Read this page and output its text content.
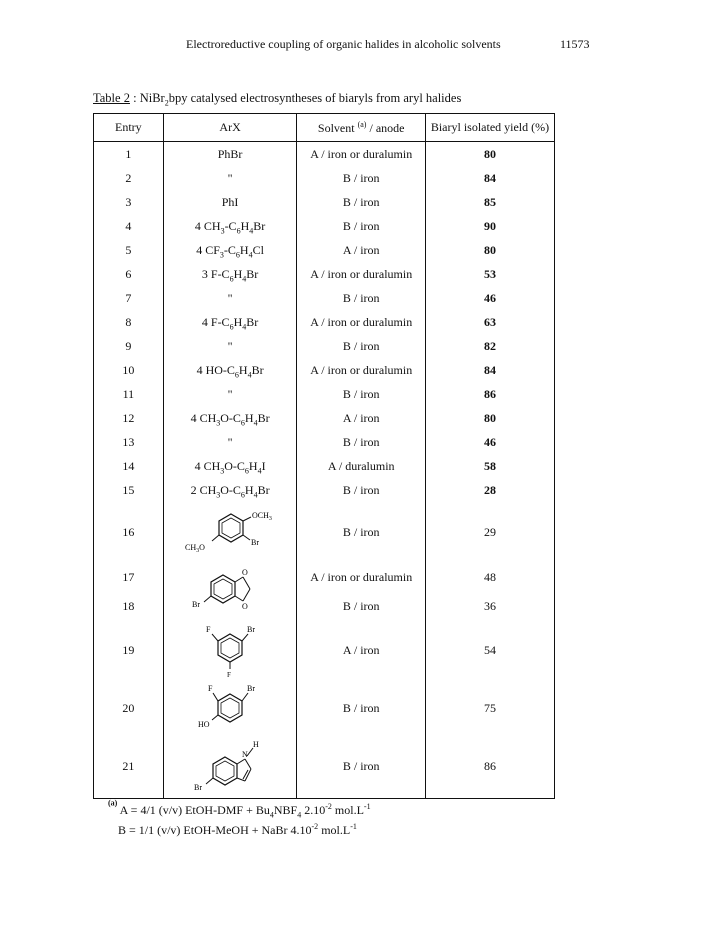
Electroreductive coupling of organic halides in alcoholic solvents	11573
Table 2 : NiBr$_2$bpy catalysed electrosyntheses of biaryls from aryl halides
Entry	ArX	Solvent $^{(a)}$ / anode	Biaryl isolated yield (%)

1	PhBr	A / iron or duralumin	80

2	"	B / iron	84

3	PhI	B / iron	85

4	4 $CH_3-C_6H_4Br$	B / iron	90

5	4 $CF_3-C_6H_4Cl$	A / iron	80

6	3 $F-C_6H_4Br$	A / iron or duralumin	53

7	"	B / iron	46

8	4 $F-C_6H_4Br$	A / iron or duralumin	63

9	"	B / iron	82

10	4 $HO-C_6H_4Br$	A / iron or duralumin	84

11	"	B / iron	86

12	4 $CH_3O-C_6H_4Br$	A / iron	80

13	"	B / iron	46

14	4 $CH_3O-C_6H_4I$	A / duralumin	58

15	2 $CH_3O-C_6H_4Br$	B / iron	28

16	$OCH_3$
$CH_3O$
Br	B / iron	29
17	O
O
Br	A / iron or duralumin	48
18		B / iron	36
19	F Br
F	A / iron	54
20	F Br
HO	B / iron	75
21	H
N
Br	B / iron	86
$^{^{(a)}}$ A = 4/1 (v/v) EtOH-DMF + $Bu_4NBF_4$ $2.10^{-2}$ $mol.L^{-1}$
B = 1/1 (v/v) EtOH-MeOH + NaBr $4.10^{-2}$ $mol.L^{-1}$
